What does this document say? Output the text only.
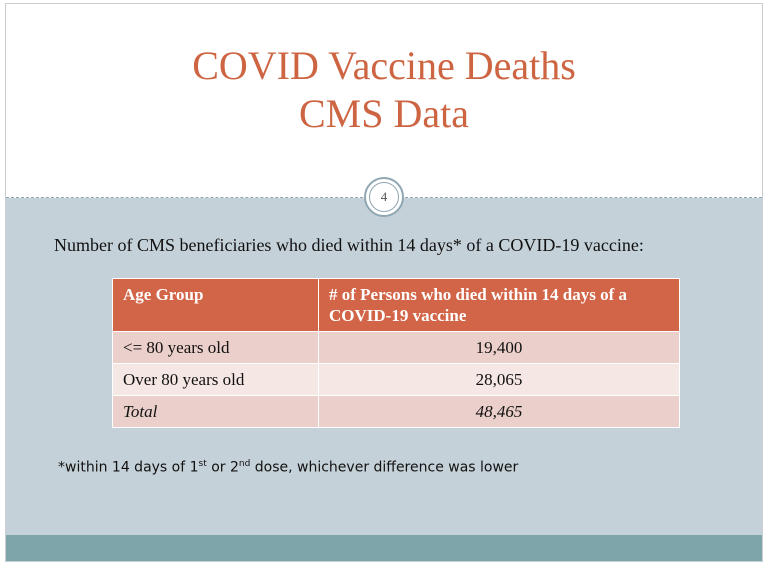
COVID Vaccine Deaths
CMS Data
4
Number of CMS beneficiaries who died within 14 days* of a COVID-19 vaccine:
Age Group	# of Persons who died within 14 days of a COVID-19 vaccine
<= 80 years old	19,400
Over 80 years old	28,065
Total	48,465
*within 14 days of 1st or 2nd dose, whichever difference was lower
